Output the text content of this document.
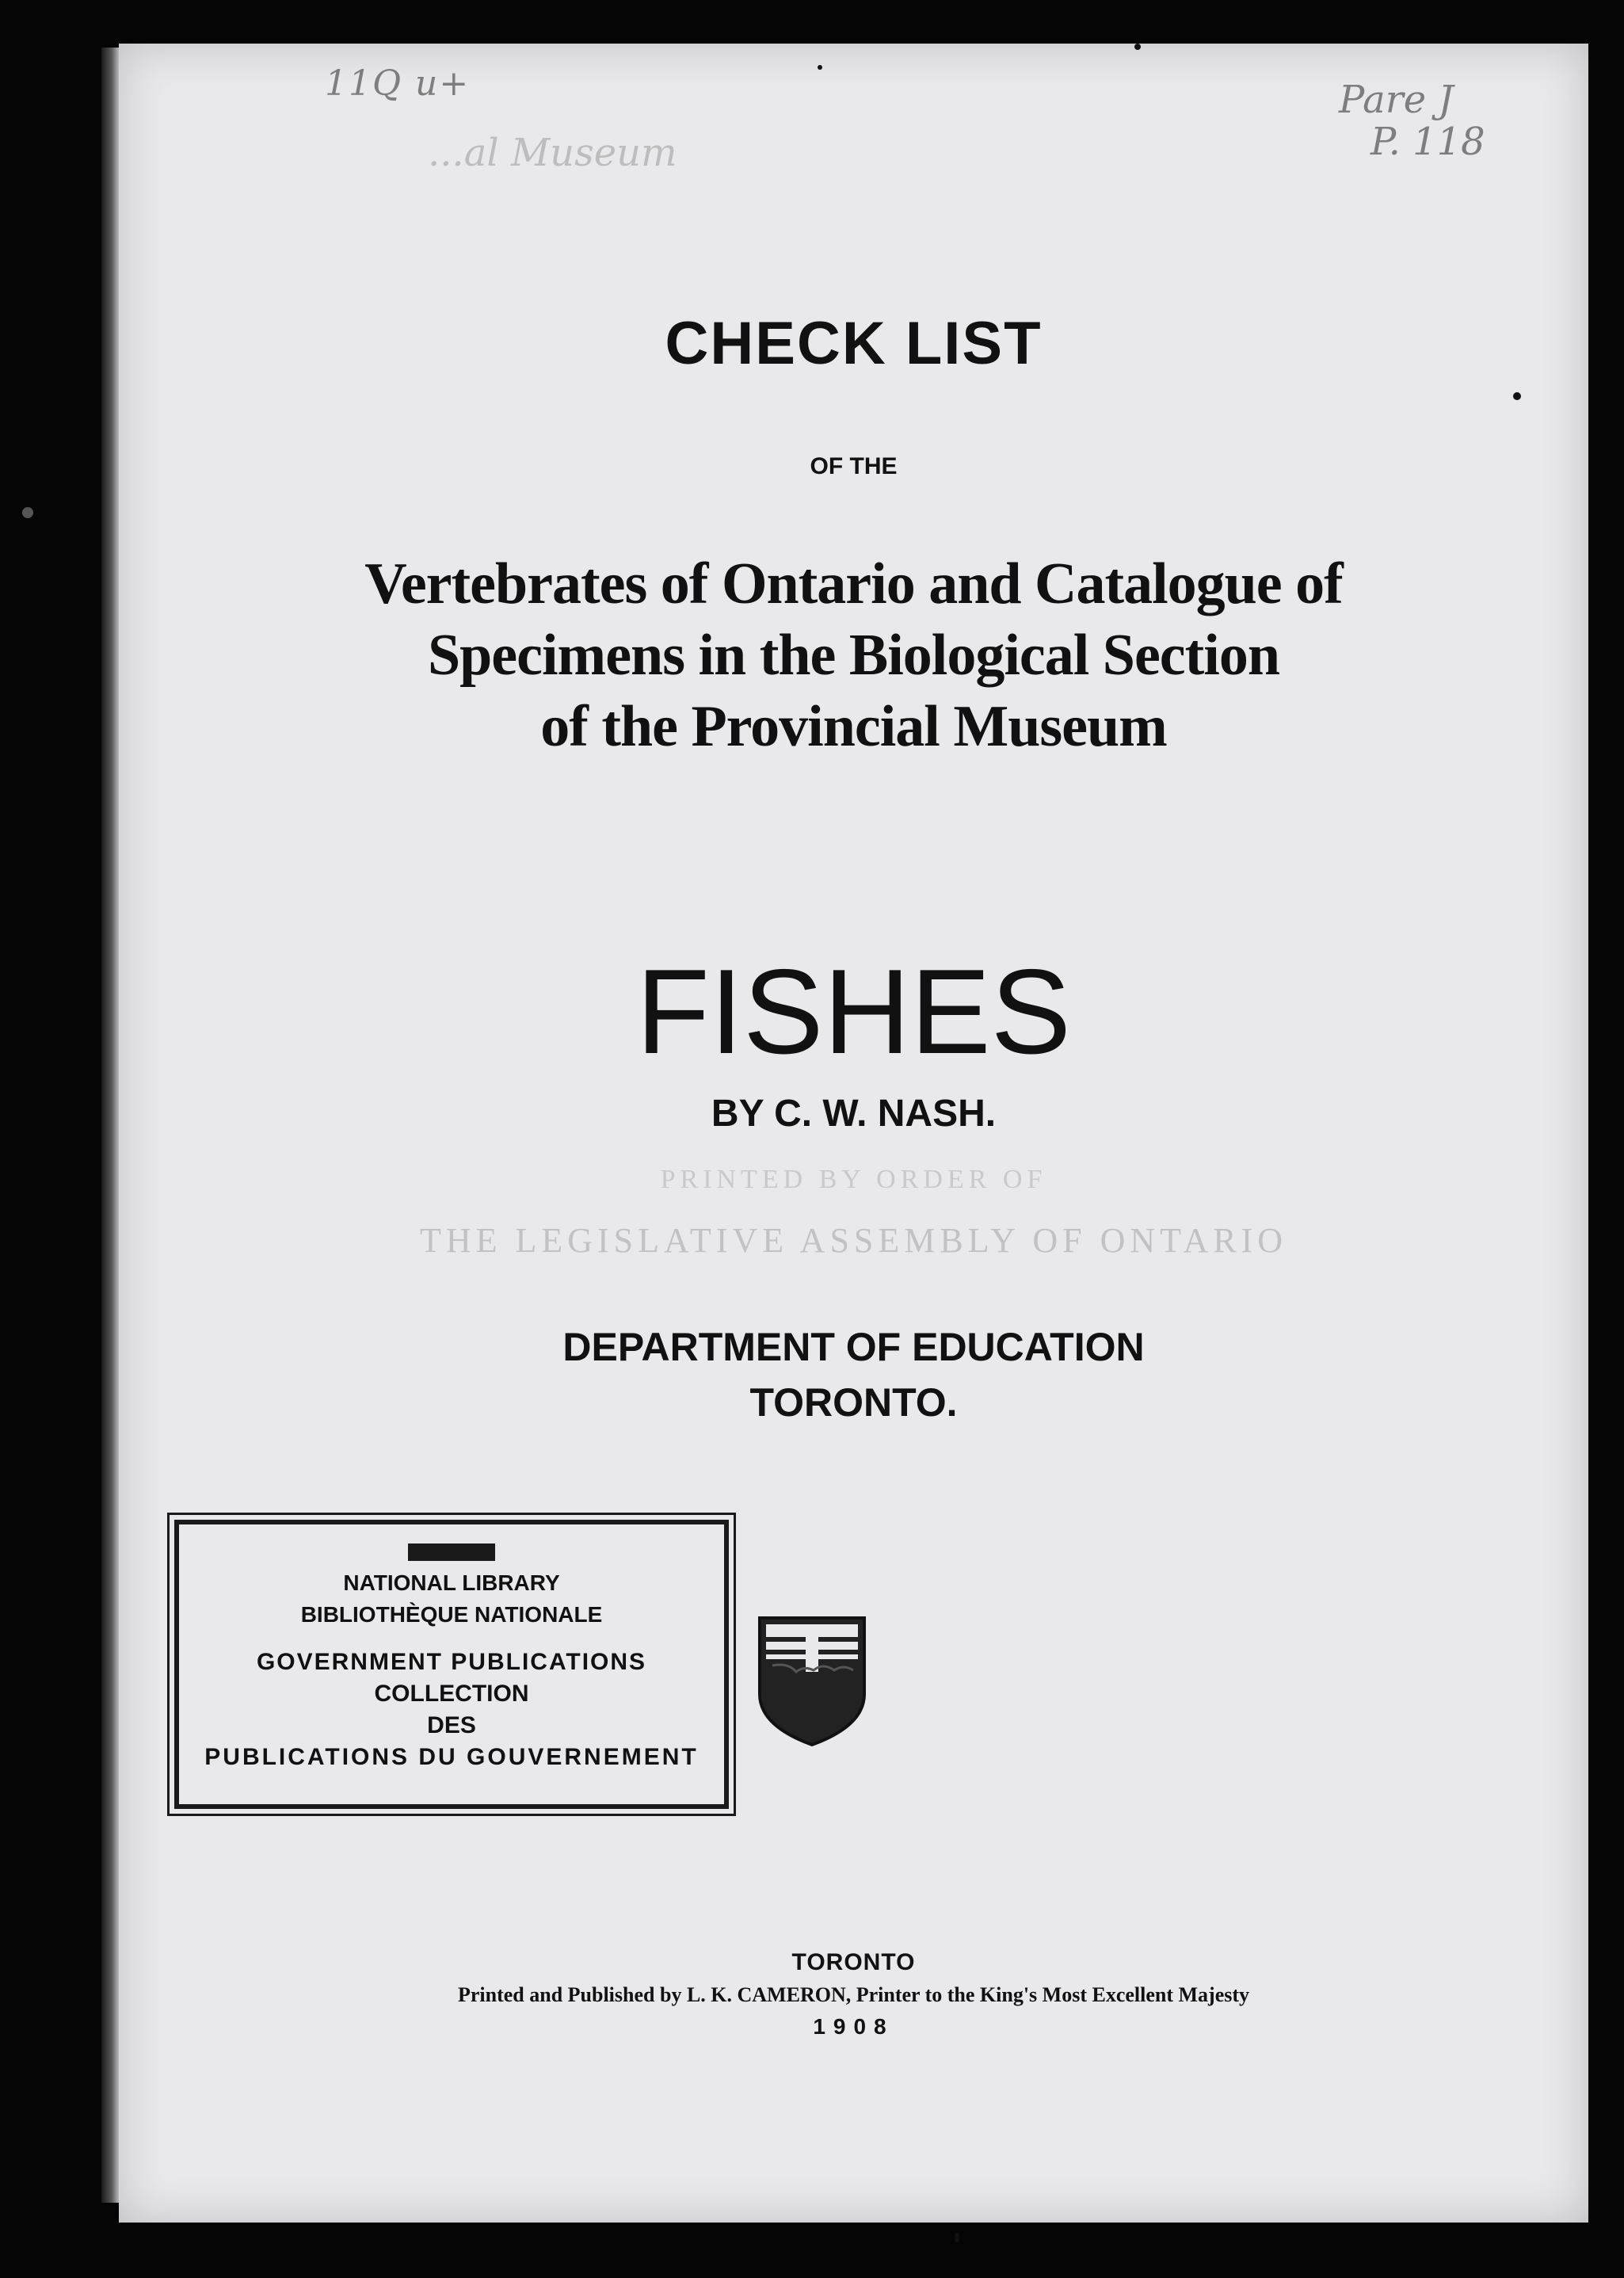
11Q u+
...al Museum
Pare J
P. 118
CHECK LIST
OF THE
Vertebrates of Ontario and Catalogue of
Specimens in the Biological Section
of the Provincial Museum
FISHES
BY C. W. NASH.
PRINTED BY ORDER OF
THE LEGISLATIVE ASSEMBLY OF ONTARIO
DEPARTMENT OF EDUCATION
TORONTO.
NATIONAL LIBRARY
BIBLIOTHÈQUE NATIONALE
GOVERNMENT PUBLICATIONS
COLLECTION
DES
PUBLICATIONS DU GOUVERNEMENT
TORONTO
Printed and Published by L. K. CAMERON, Printer to the King's Most Excellent Majesty
1908
